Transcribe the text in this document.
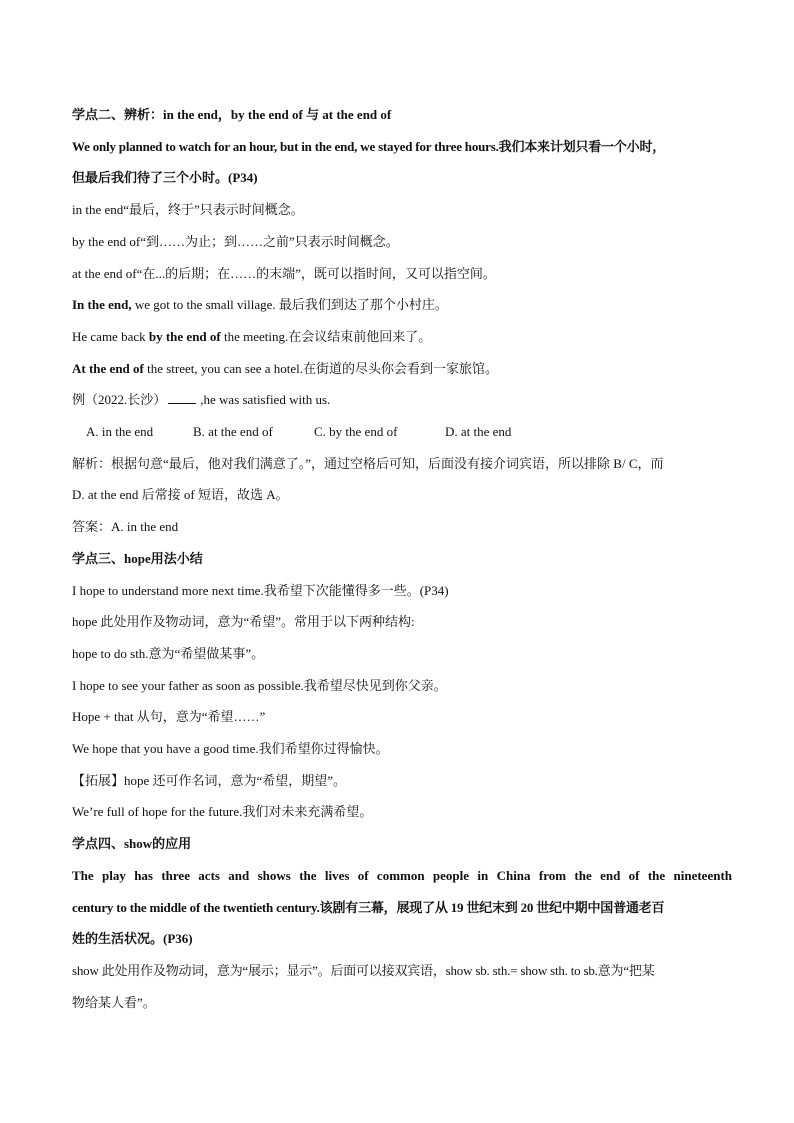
学点二、辨析：in the end，by the end of 与 at the end of
We only planned to watch for an hour, but in the end, we stayed for three hours.我们本来计划只看一个小时，
但最后我们待了三个小时。(P34)
in the end“最后，终于”只表示时间概念。
by the end of“到……为止；到……之前”只表示时间概念。
at the end of“在...的后期；在……的末端”，既可以指时间，又可以指空间。
In the end, we got to the small village. 最后我们到达了那个小村庄。
He came back by the end of the meeting.在会议结束前他回来了。
At the end of the street, you can see a hotel.在街道的尽头你会看到一家旅馆。
例（2022.长沙）	,he was satisfied with us.
A. in the end	B. at the end of	C. by the end of	D. at the end
解析：根据句意“最后，他对我们满意了。”，通过空格后可知，后面没有接介词宾语，所以排除 B/ C，而
D. at the end 后常接 of 短语，故选 A。
答案：A. in the end
学点三、hope用法小结
I hope to understand more next time.我希望下次能懂得多一些。(P34)
hope 此处用作及物动词，意为“希望”。常用于以下两种结构:
hope to do sth.意为“希望做某事”。
I hope to see your father as soon as possible.我希望尽快见到你父亲。
Hope + that 从句，意为“希望……”
We hope that you have a good time.我们希望你过得愉快。
【拓展】hope 还可作名词，意为“希望，期望”。
We’re full of hope for the future.我们对未来充满希望。
学点四、show的应用
The play has three acts and shows the lives of common people in China from the end of the nineteenth
century to the middle of the twentieth century.该剧有三幕，展现了从 19 世纪末到 20 世纪中期中国普通老百
姓的生活状况。(P36)
show 此处用作及物动词，意为“展示；显示”。后面可以接双宾语，show sb. sth.= show sth. to sb.意为“把某
物给某人看”。
